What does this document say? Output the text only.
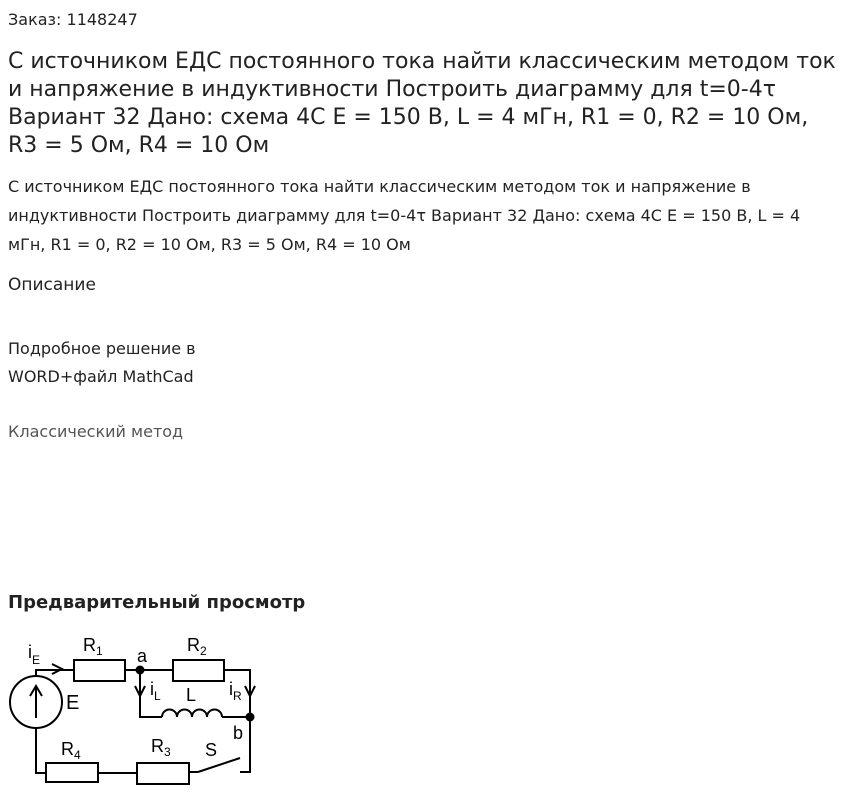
Заказ: 1148247
С источником ЕДС постоянного тока найти классическим методом ток и напряжение в индуктивности Построить диаграмму для t=0-4τ Вариант 32 Дано: схема 4С E = 150 В, L = 4 мГн, R1 = 0, R2 = 10 Ом, R3 = 5 Ом, R4 = 10 Ом

С источником ЕДС постоянного тока найти классическим методом ток и напряжение в индуктивности Построить диаграмму для t=0-4τ Вариант 32 Дано: схема 4С E = 150 В, L = 4 мГн, R1 = 0, R2 = 10 Ом, R3 = 5 Ом, R4 = 10 Ом

Описание
Подробное решение в WORD+файл MathCad
Классический метод
Предварительный просмотр
$i_E$
$R_1$ a
$R_2$
$i_L$ L $i_R$
E
b
$R_4$	$R_3$ S
